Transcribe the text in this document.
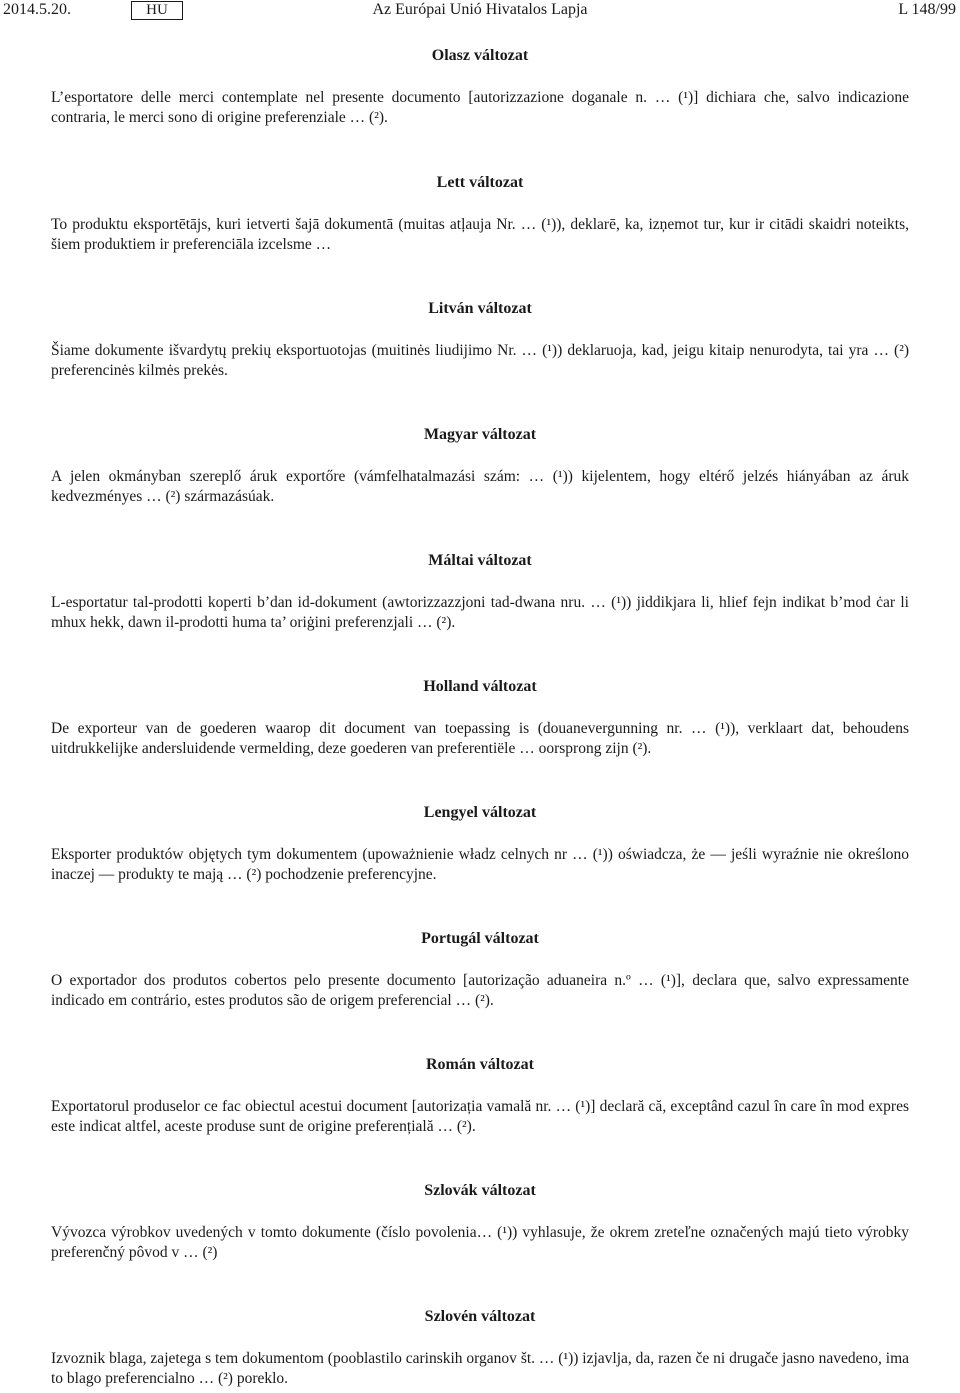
2014.5.20.	HU	Az Európai Unió Hivatalos Lapja	L 148/99
Olasz változat

L’esportatore delle merci contemplate nel presente documento [autorizzazione doganale n. … (¹)] dichiara che, salvo indicazione contraria, le merci sono di origine preferenziale … (²).

Lett változat

To produktu eksportētājs, kuri ietverti šajā dokumentā (muitas atļauja Nr. … (¹)), deklarē, ka, izņemot tur, kur ir citādi skaidri noteikts, šiem produktiem ir preferenciāla izcelsme …

Litván változat

Šiame dokumente išvardytų prekių eksportuotojas (muitinės liudijimo Nr. … (¹)) deklaruoja, kad, jeigu kitaip nenurodyta, tai yra … (²) preferencinės kilmės prekės.

Magyar változat

A jelen okmányban szereplő áruk exportőre (vámfelhatalmazási szám: … (¹)) kijelentem, hogy eltérő jelzés hiányában az áruk kedvezményes … (²) származásúak.

Máltai változat

L-esportatur tal-prodotti koperti b’dan id-dokument (awtorizzazzjoni tad-dwana nru. … (¹)) jiddikjara li, hlief fejn indikat b’mod ċar li mhux hekk, dawn il-prodotti huma ta’ oriġini preferenzjali … (²).

Holland változat

De exporteur van de goederen waarop dit document van toepassing is (douanevergunning nr. … (¹)), verklaart dat, behoudens uitdrukkelijke andersluidende vermelding, deze goederen van preferentiële … oorsprong zijn (²).

Lengyel változat

Eksporter produktów objętych tym dokumentem (upoważnienie władz celnych nr … (¹)) oświadcza, że — jeśli wyraźnie nie określono inaczej — produkty te mają … (²) pochodzenie preferencyjne.

Portugál változat

O exportador dos produtos cobertos pelo presente documento [autorização aduaneira n.º … (¹)], declara que, salvo expressamente indicado em contrário, estes produtos são de origem preferencial … (²).

Román változat

Exportatorul produselor ce fac obiectul acestui document [autorizația vamală nr. … (¹)] declară că, exceptând cazul în care în mod expres este indicat altfel, aceste produse sunt de origine preferențială … (²).

Szlovák változat

Vývozca výrobkov uvedených v tomto dokumente (číslo povolenia… (¹)) vyhlasuje, že okrem zreteľne označených majú tieto výrobky preferenčný pôvod v … (²)

Szlovén változat

Izvoznik blaga, zajetega s tem dokumentom (pooblastilo carinskih organov št. … (¹)) izjavlja, da, razen če ni drugače jasno navedeno, ima to blago preferencialno … (²) poreklo.
